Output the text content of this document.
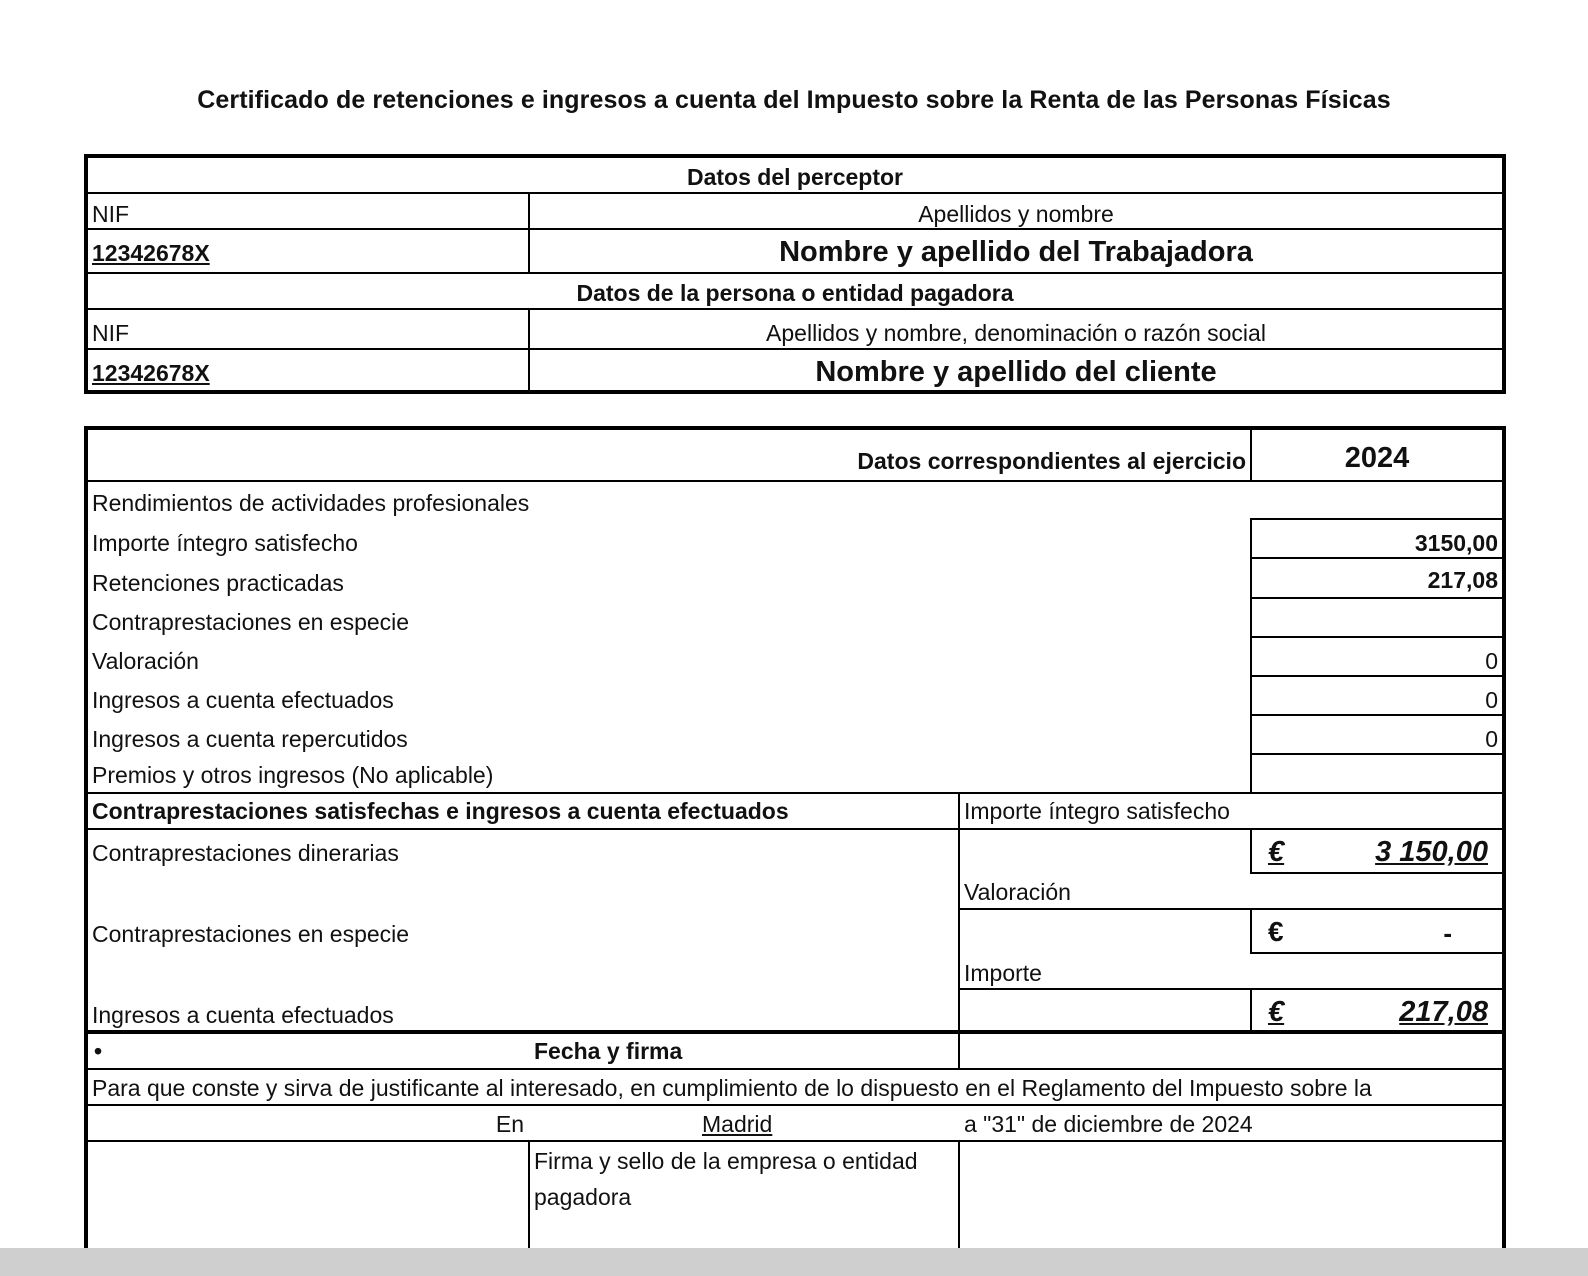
Certificado de retenciones e ingresos a cuenta del Impuesto sobre la Renta de las Personas Físicas
Datos del perceptor
NIF	Apellidos y nombre
12342678X	Nombre y apellido del Trabajadora
Datos de la persona o entidad pagadora
NIF	Apellidos y nombre, denominación o razón social
12342678X	Nombre y apellido del cliente
Datos correspondientes al ejercicio	2024
Rendimientos de actividades profesionales
Importe íntegro satisfecho	3150,00
Retenciones practicadas	217,08
Contraprestaciones en especie
Valoración	0
Ingresos a cuenta efectuados	0
Ingresos a cuenta repercutidos	0
Premios y otros ingresos (No aplicable)
Contraprestaciones satisfechas e ingresos a cuenta efectuados	Importe íntegro satisfecho
Contraprestaciones dinerarias	€	3 150,00
Valoración
Contraprestaciones en especie	€	-
Importe
Ingresos a cuenta efectuados	€	217,08
•	Fecha y firma
Para que conste y sirva de justificante al interesado, en cumplimiento de lo dispuesto en el Reglamento del Impuesto sobre la
En	Madrid	a "31" de diciembre de 2024
Firma y sello de la empresa o entidad
pagadora
